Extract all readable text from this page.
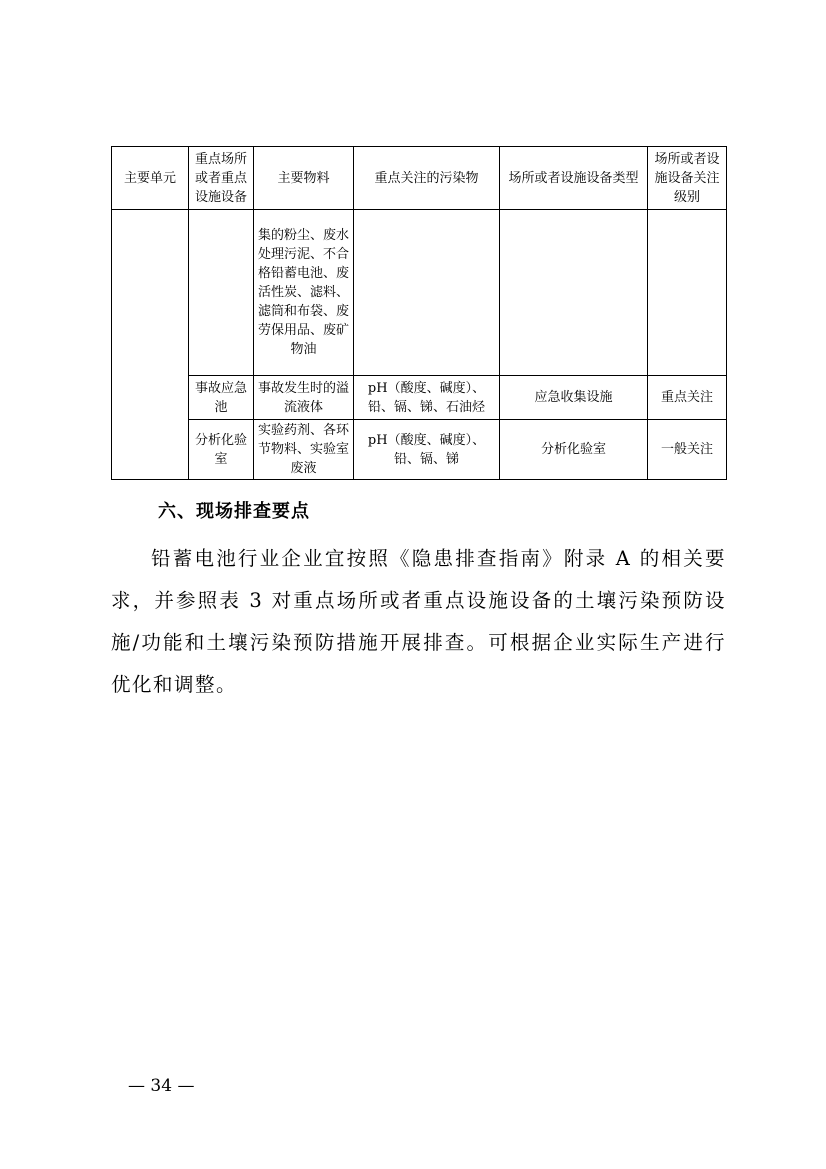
主要单元	重点场所或者重点设施设备	主要物料	重点关注的污染物	场所或者设施设备类型	场所或者设施设备关注级别
		集的粉尘、废水处理污泥、不合格铅蓄电池、废活性炭、滤料、滤筒和布袋、废劳保用品、废矿物油			
	事故应急池	事故发生时的溢流液体	pH（酸度、碱度）、铅、镉、锑、石油烃	应急收集设施	重点关注
	分析化验室	实验药剂、各环节物料、实验室废液	pH（酸度、碱度）、铅、镉、锑	分析化验室	一般关注
六、现场排查要点
铅蓄电池行业企业宜按照《隐患排查指南》附录 A 的相关要求，并参照表 3 对重点场所或者重点设施设备的土壤污染预防设施/功能和土壤污染预防措施开展排查。可根据企业实际生产进行优化和调整。
— 34 —
